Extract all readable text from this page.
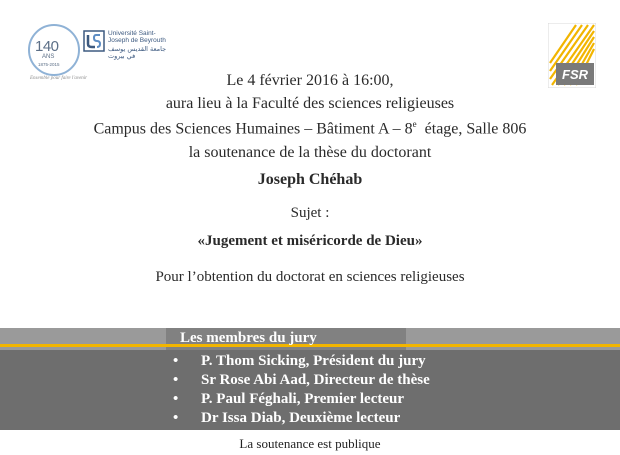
140
ANS
1875-2015
Université Saint-Joseph de Beyrouth
جامعة القديس يوسف في بيروت
Ensemble pour faire l'avenir	FSR
Le 4 février 2016 à 16:00,
aura lieu à la Faculté des sciences religieuses
Campus des Sciences Humaines – Bâtiment A – 8e  étage, Salle 806
la soutenance de la thèse du doctorant
Joseph Chéhab
Sujet :
«Jugement et miséricorde de Dieu»
Pour l’obtention du doctorat en sciences religieuses
Les membres du jury
• P. Thom Sicking, Président du jury
• Sr Rose Abi Aad, Directeur de thèse
• P. Paul Féghali, Premier lecteur
• Dr Issa Diab, Deuxième lecteur
La soutenance est publique
